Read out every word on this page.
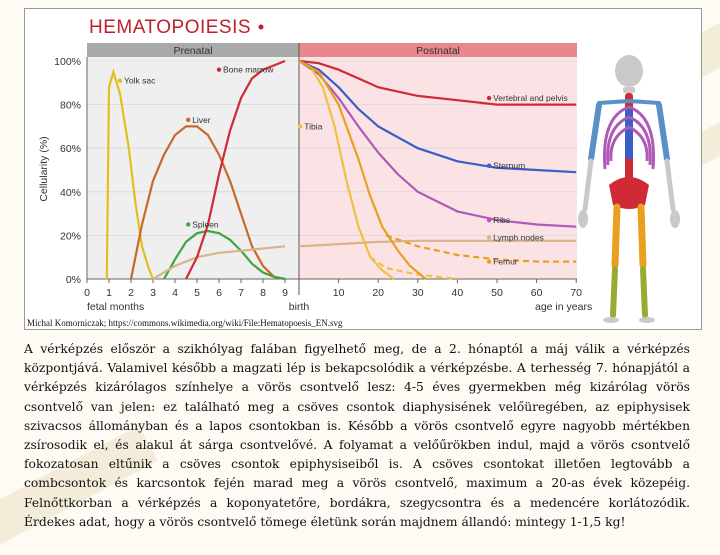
HEMATOPOIESIS
Prenatal	Postnatal
0%
20%
40%
60%
80%
100%
0 1 2 3 4 5 6 7 8 9	10	20	30	40	50	60	70
fetal months	birth	age in years
Cellularity (%)
Yolk sac
Liver
Spleen
Bone marrow
Vertebral and pelvis
Sternum
Ribs
Lymph nodes
Tibia
Femur
Michal Komorniczak; https://commons.wikimedia.org/wiki/File:Hematopoesis_EN.svg

A vérképzés először a szikhólyag falában figyelhető meg, de a 2. hónaptól a máj válik a vérképzés központjává. Valamivel később a magzati lép is bekapcsolódik a vérképzésbe. A terhesség 7. hónapjától a vérképzés kizárólagos színhelye a vörös csontvelő lesz: 4-5 éves gyermekben még kizárólag vörös csontvelő van jelen: ez található meg a csöves csontok diaphysisének velőüregében, az epiphysisek szivacsos állományban és a lapos csontokban is. Később a vörös csontvelő egyre nagyobb mértékben zsírosodik el, és alakul át sárga csontvelővé. A folyamat a velőűrökben indul, majd a vörös csontvelő fokozatosan eltűnik a csöves csontok epiphysiseiből is. A csöves csontokat illetően legtovább a combcsontok és karcsontok fején marad meg a vörös csontvelő, maximum a 20-as évek közepéig. Felnőttkorban a vérképzés a koponyatetőre, bordákra, szegycsontra és a medencére korlátozódik. Érdekes adat, hogy a vörös csontvelő tömege életünk során majdnem állandó: mintegy 1-1,5 kg!
